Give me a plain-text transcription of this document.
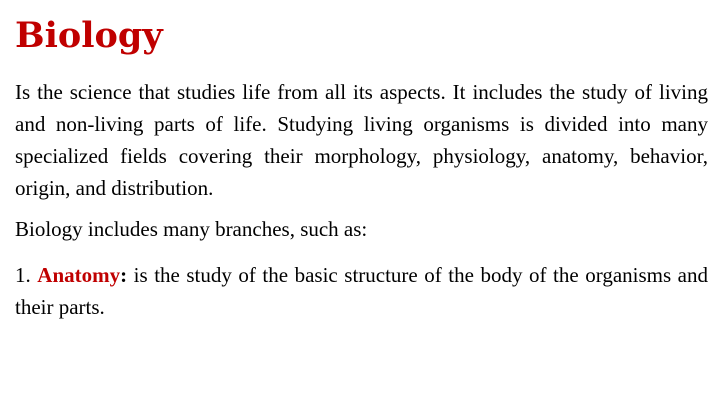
Biology

Is the science that studies life from all its aspects. It includes the study of living and non-living parts of life. Studying living organisms is divided into many specialized fields covering their morphology, physiology, anatomy, behavior, origin, and distribution.

Biology includes many branches, such as:

1. Anatomy: is the study of the basic structure of the body of the organisms and their parts.
